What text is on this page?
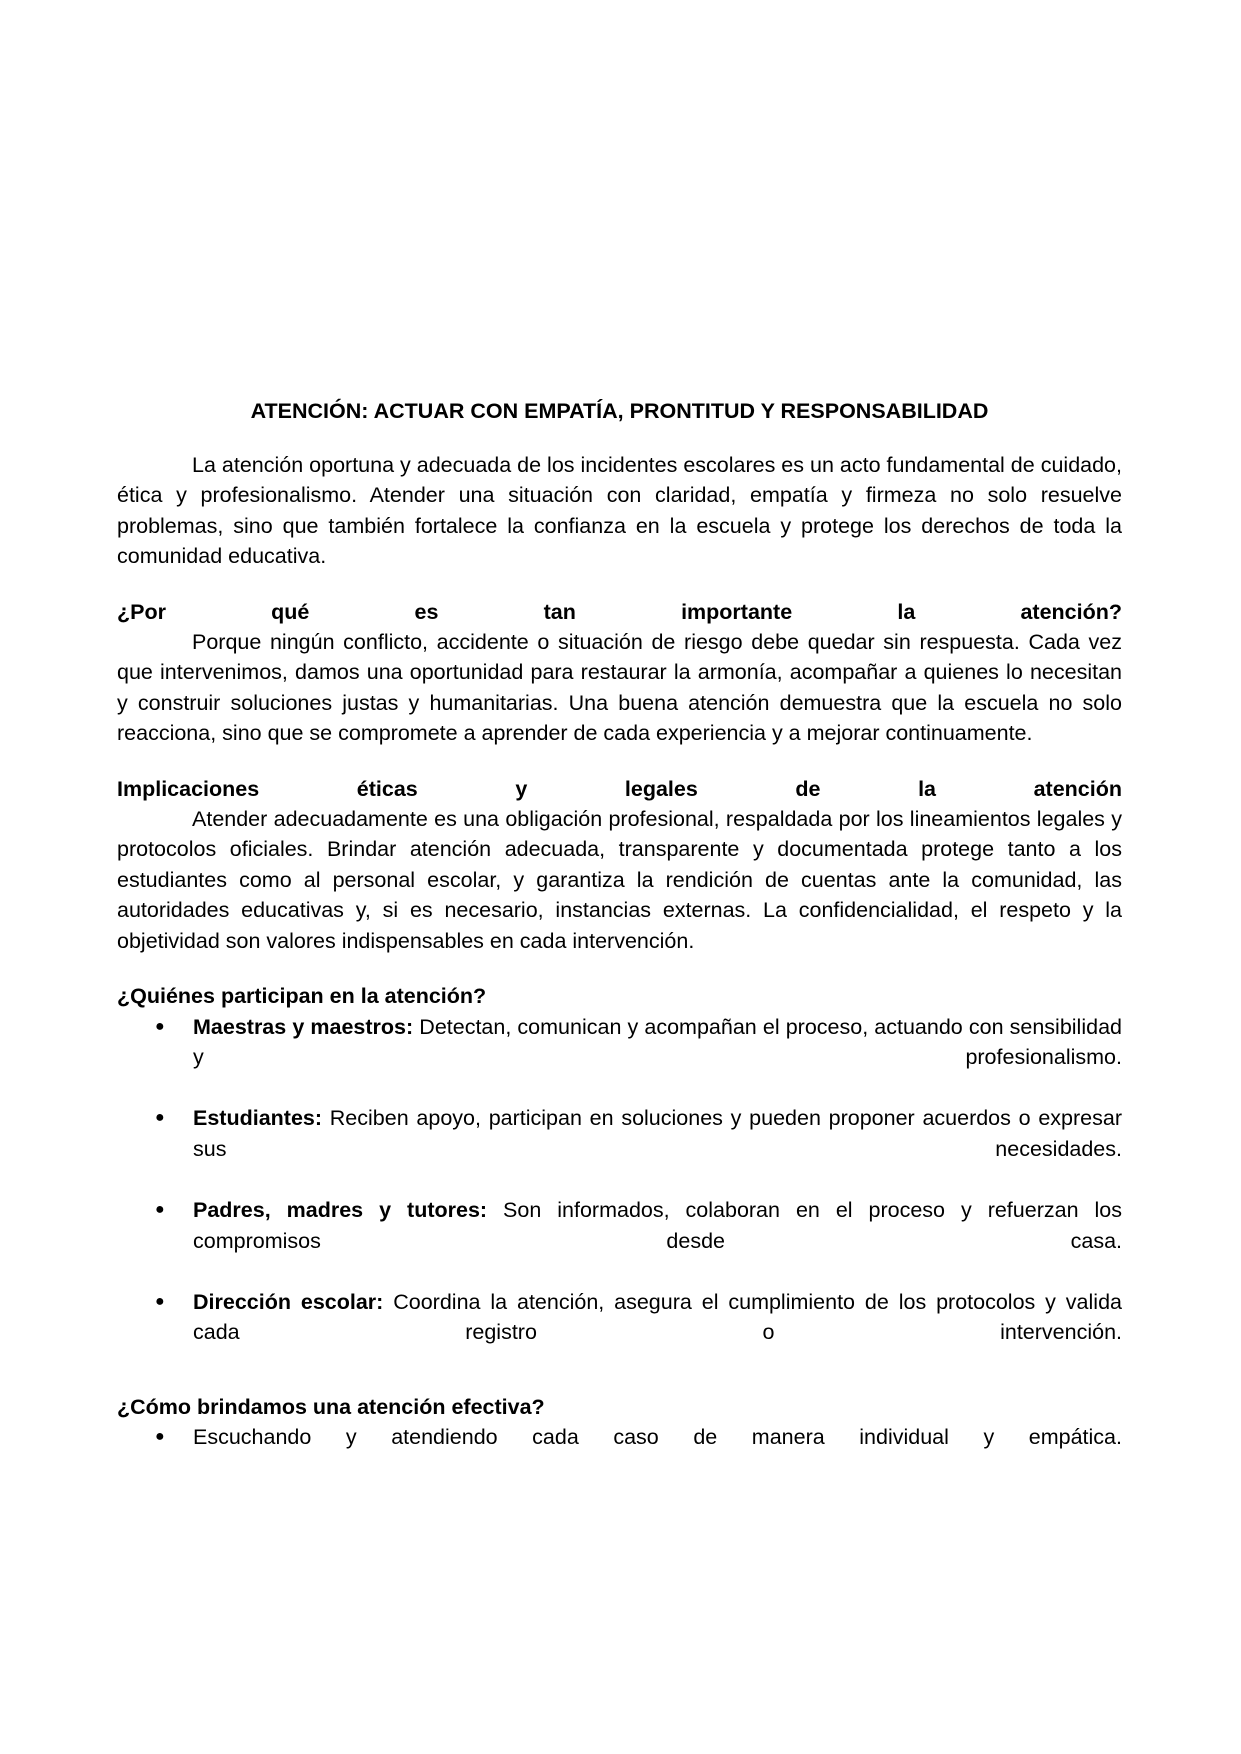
ATENCIÓN: ACTUAR CON EMPATÍA, PRONTITUD Y RESPONSABILIDAD

La atención oportuna y adecuada de los incidentes escolares es un acto fundamental de cuidado, ética y profesionalismo. Atender una situación con claridad, empatía y firmeza no solo resuelve problemas, sino que también fortalece la confianza en la escuela y protege los derechos de toda la comunidad educativa.

¿Por qué es tan importante la atención?

Porque ningún conflicto, accidente o situación de riesgo debe quedar sin respuesta. Cada vez que intervenimos, damos una oportunidad para restaurar la armonía, acompañar a quienes lo necesitan y construir soluciones justas y humanitarias. Una buena atención demuestra que la escuela no solo reacciona, sino que se compromete a aprender de cada experiencia y a mejorar continuamente.

Implicaciones éticas y legales de la atención

Atender adecuadamente es una obligación profesional, respaldada por los lineamientos legales y protocolos oficiales. Brindar atención adecuada, transparente y documentada protege tanto a los estudiantes como al personal escolar, y garantiza la rendición de cuentas ante la comunidad, las autoridades educativas y, si es necesario, instancias externas. La confidencialidad, el respeto y la objetividad son valores indispensables en cada intervención.

¿Quiénes participan en la atención?

● Maestras y maestros: Detectan, comunican y acompañan el proceso, actuando con sensibilidad y profesionalismo.
● Estudiantes: Reciben apoyo, participan en soluciones y pueden proponer acuerdos o expresar sus necesidades.
● Padres, madres y tutores: Son informados, colaboran en el proceso y refuerzan los compromisos desde casa.
● Dirección escolar: Coordina la atención, asegura el cumplimiento de los protocolos y valida cada registro o intervención.

¿Cómo brindamos una atención efectiva?

● Escuchando y atendiendo cada caso de manera individual y empática.
